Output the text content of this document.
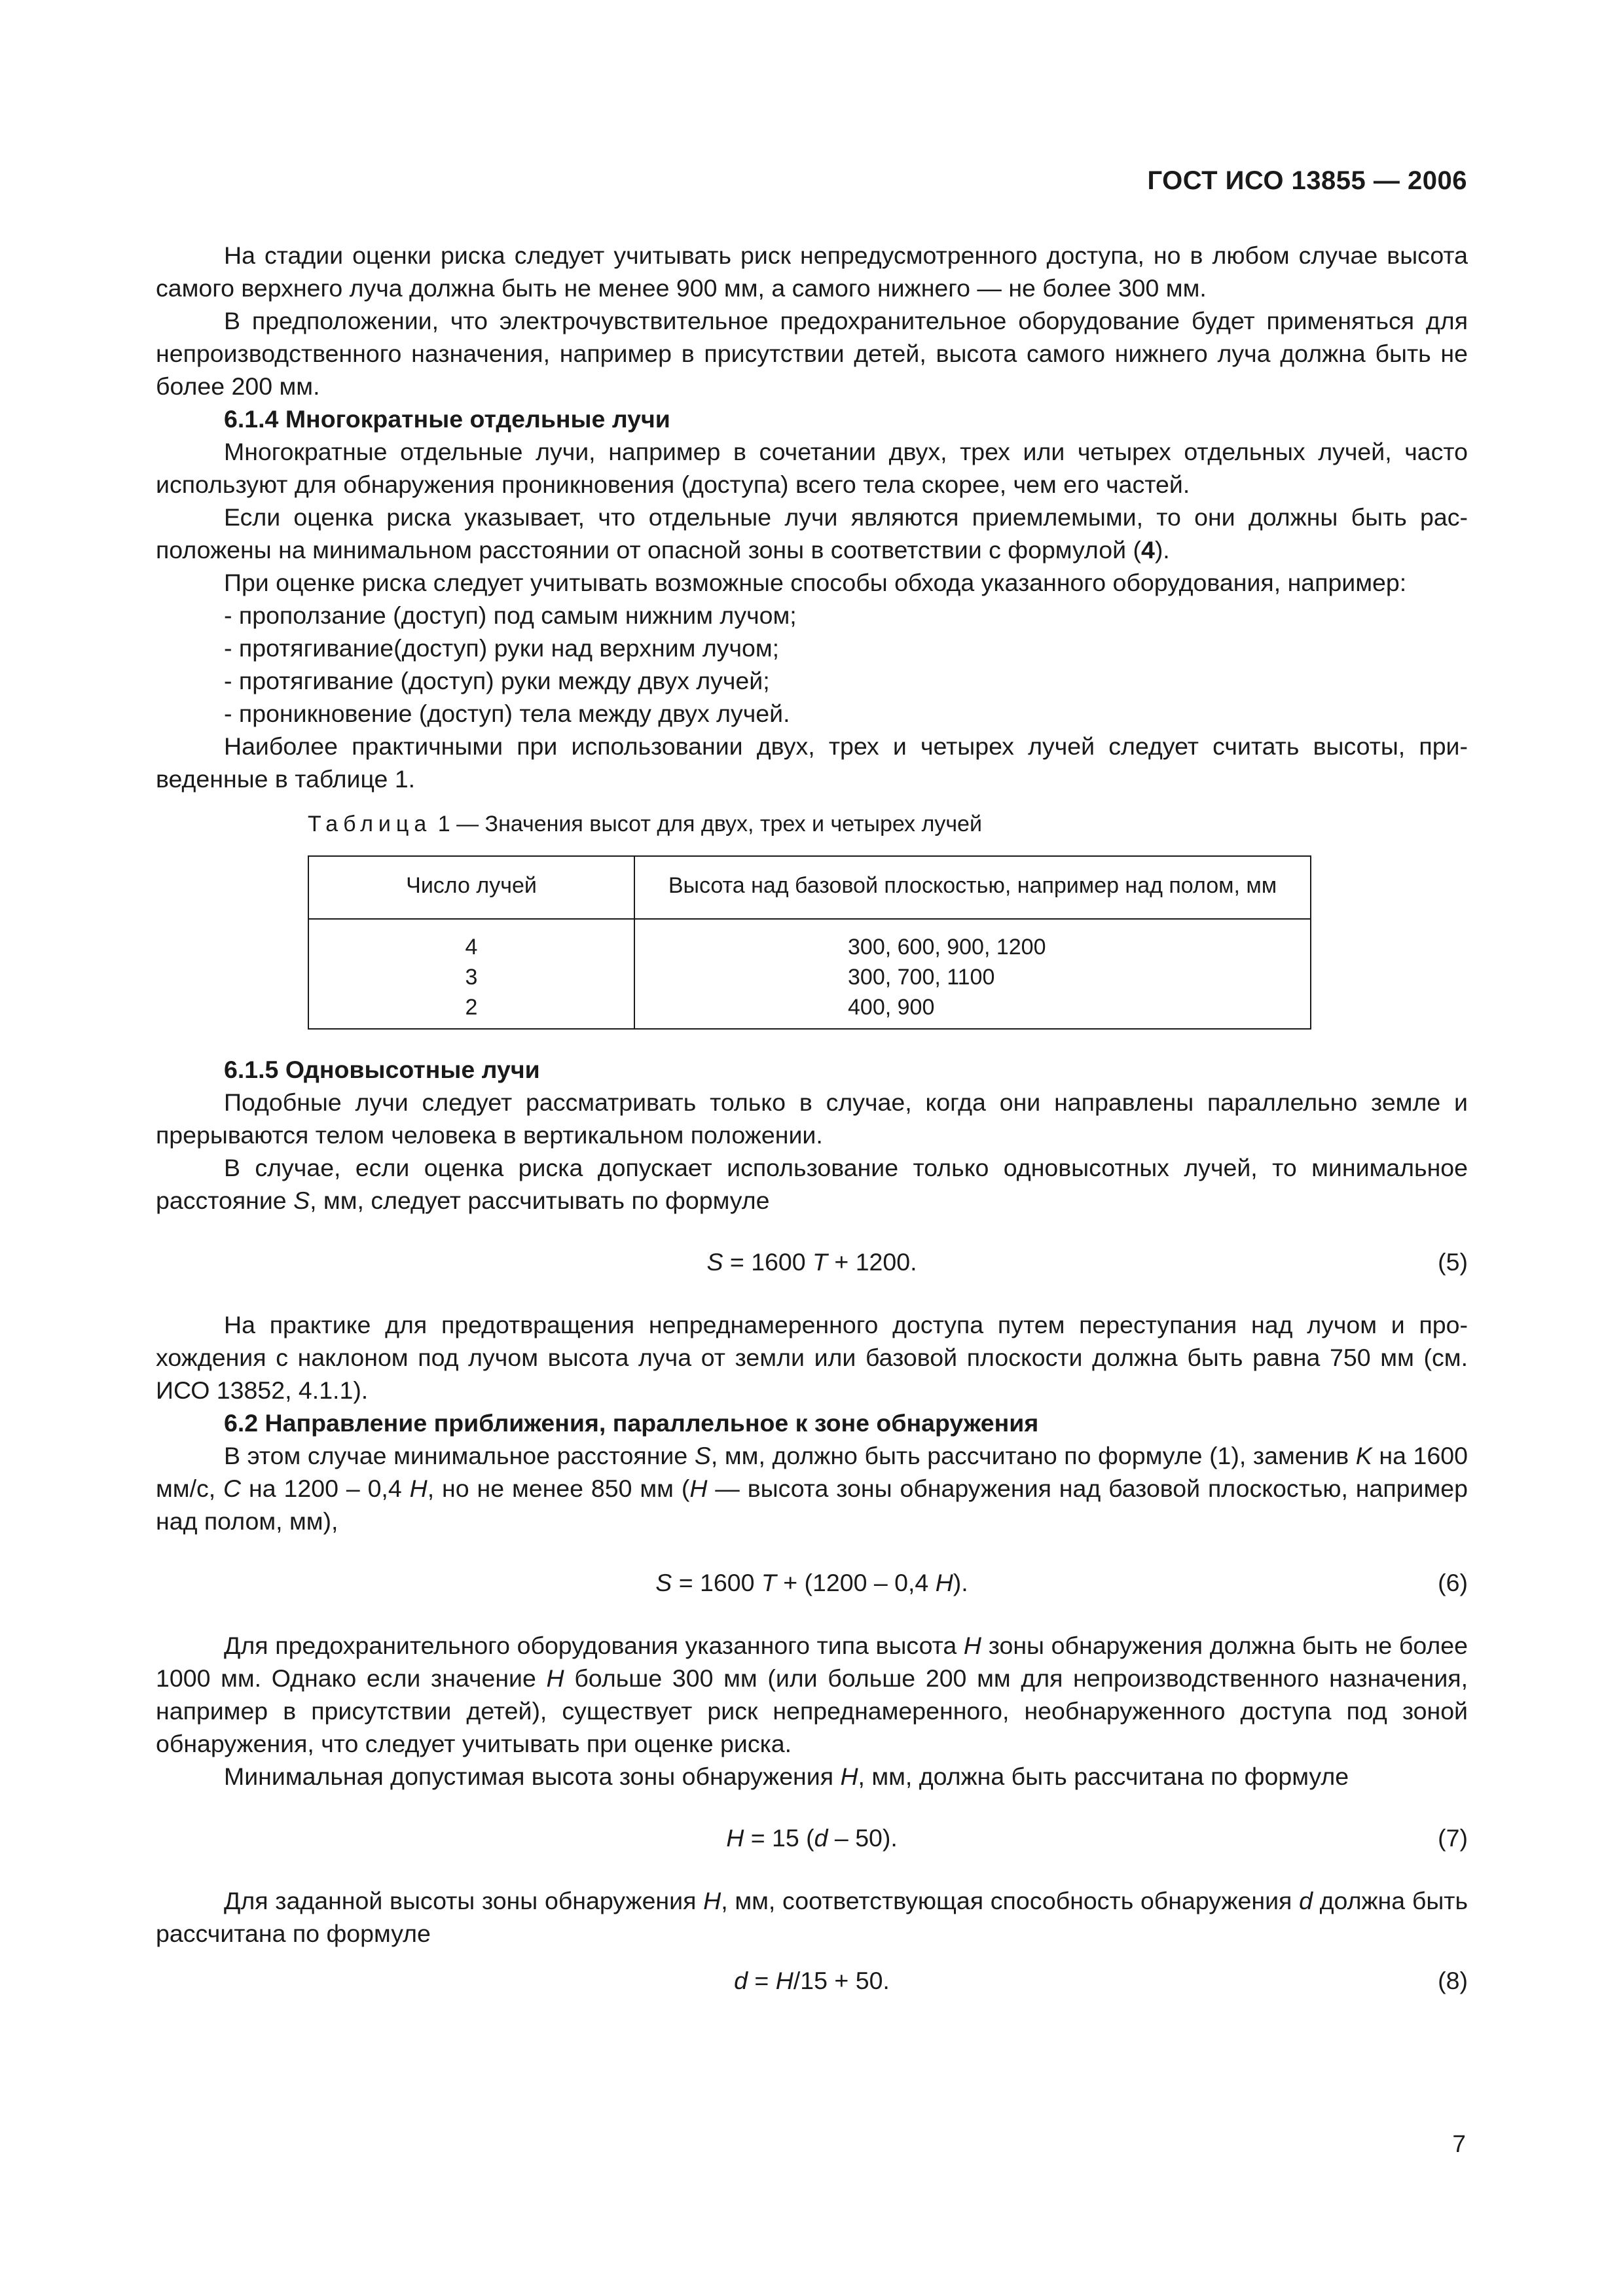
ГОСТ ИСО 13855 — 2006

На стадии оценки риска следует учитывать риск непредусмотренного доступа, но в любом случае высота самого верхнего луча должна быть не менее 900 мм, а самого нижнего — не более 300 мм.

В предположении, что электрочувствительное предохранительное оборудование будет применяться для непроизводственного назначения, например в присутствии детей, высота самого нижнего луча должна быть не более 200 мм.

6.1.4 Многократные отдельные лучи

Многократные отдельные лучи, например в сочетании двух, трех или четырех отдельных лучей, часто используют для обнаружения проникновения (доступа) всего тела скорее, чем его частей.

Если оценка риска указывает, что отдельные лучи являются приемлемыми, то они должны быть расположены на минимальном расстоянии от опасной зоны в соответствии с формулой (4).

При оценке риска следует учитывать возможные способы обхода указанного оборудования, например:

- проползание (доступ) под самым нижним лучом;

- протягивание(доступ) руки над верхним лучом;

- протягивание (доступ) руки между двух лучей;

- проникновение (доступ) тела между двух лучей.

Наиболее практичными при использовании двух, трех и четырех лучей следует считать высоты, приведенные в таблице 1.

Таблица 1 — Значения высот для двух, трех и четырех лучей
Число лучей	Высота над базовой плоскостью, например над полом, мм
4	300, 600, 900, 1200
3	300, 700, 1100
2	400, 900

6.1.5 Одновысотные лучи

Подобные лучи следует рассматривать только в случае, когда они направлены параллельно земле и прерываются телом человека в вертикальном положении.

В случае, если оценка риска допускает использование только одновысотных лучей, то минимальное расстояние S, мм, следует рассчитывать по формуле

S = 1600 T + 1200.	(5)

На практике для предотвращения непреднамеренного доступа путем переступания над лучом и прохождения с наклоном под лучом высота луча от земли или базовой плоскости должна быть равна 750 мм (см. ИСО 13852, 4.1.1).

6.2 Направление приближения, параллельное к зоне обнаружения

В этом случае минимальное расстояние S, мм, должно быть рассчитано по формуле (1), заменив K на 1600 мм/с, C на 1200 – 0,4 H, но не менее 850 мм (H — высота зоны обнаружения над базовой плоскостью, например над полом, мм),

S = 1600 T + (1200 – 0,4 H).	(6)

Для предохранительного оборудования указанного типа высота H зоны обнаружения должна быть не более 1000 мм. Однако если значение H больше 300 мм (или больше 200 мм для непроизводственного назначения, например в присутствии детей), существует риск непреднамеренного, необнаруженного доступа под зоной обнаружения, что следует учитывать при оценке риска.

Минимальная допустимая высота зоны обнаружения H, мм, должна быть рассчитана по формуле

H = 15 (d – 50).	(7)

Для заданной высоты зоны обнаружения H, мм, соответствующая способность обнаружения d должна быть рассчитана по формуле

d = H/15 + 50.	(8)
7
